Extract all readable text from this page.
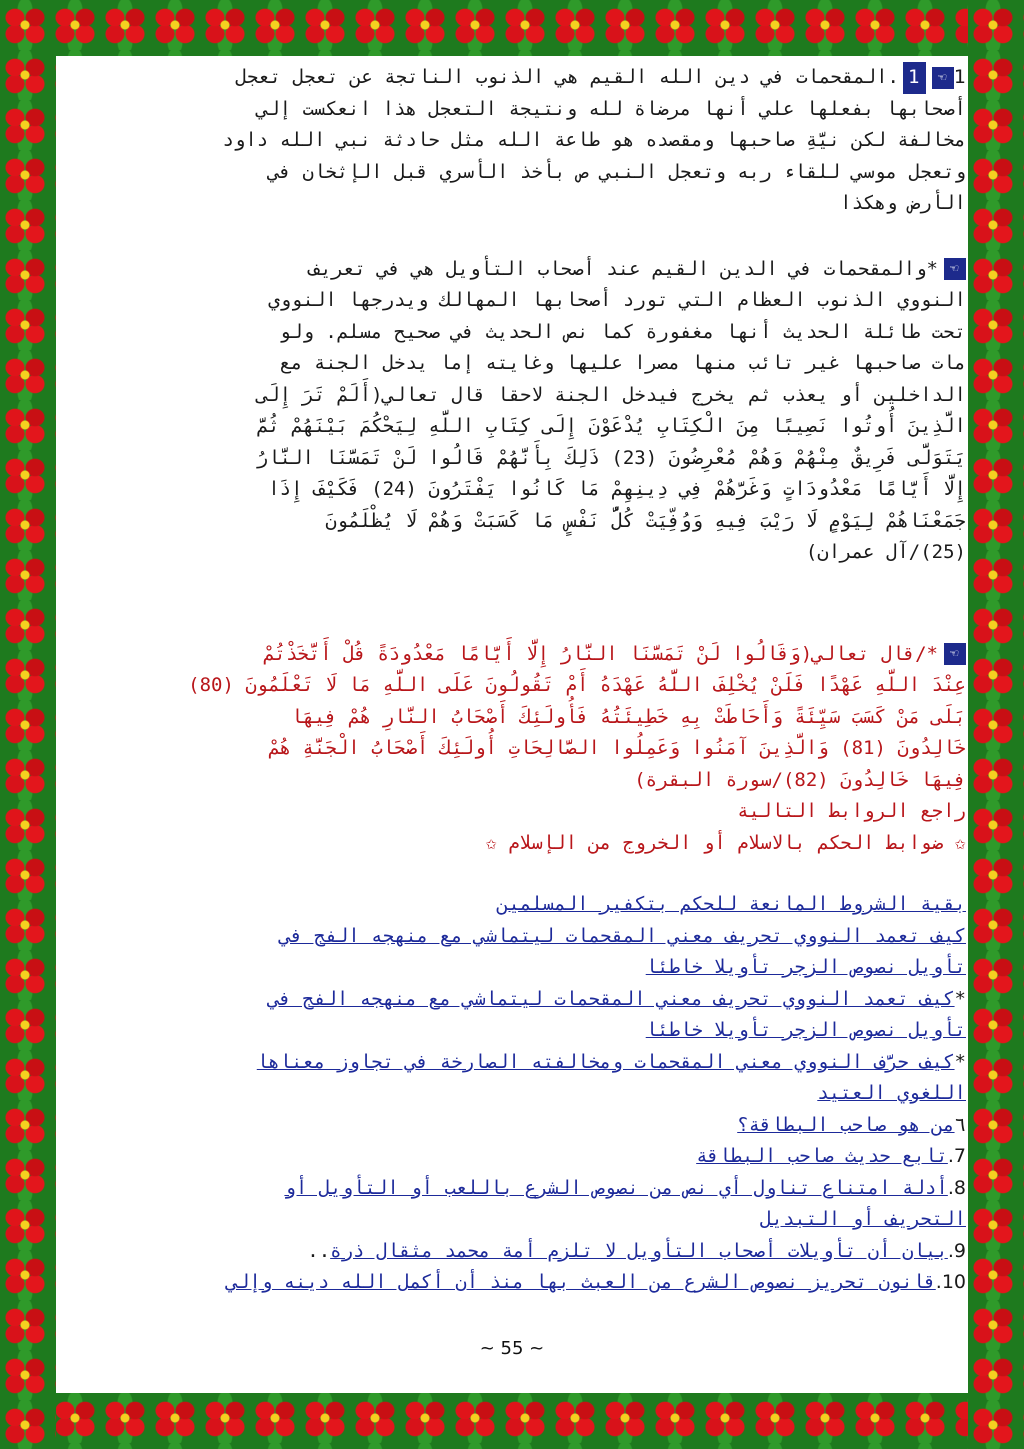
1☜1.المقحمات في دين الله القيم هي الذنوب الناتجة عن تعجل تعجل

أصحابها بفعلها علي أنها مرضاة لله ونتيجة التعجل هذا انعكست إلي

مخالفة لكن نيَّةِ صاحبها ومقصده هو طاعة الله مثل حادثة نبي الله داود

وتعجل موسي للقاء ربه وتعجل النبي ص بأخذ الأسري قبل الإثخان في

الأرض وهكذا

☜*والمقحمات في الدين القيم عند أصحاب التأويل هي في تعريف

النووي الذنوب العظام التي تورد أصحابها المهالك ويدرجها النووي

تحت طائلة الحديث أنها مغفورة كما نص الحديث في صحيح مسلم. ولو

مات صاحبها غير تائب منها مصرا عليها وغايته إما يدخل الجنة مع

الداخلين أو يعذب ثم يخرج فيدخل الجنة لاحقا قال تعالي(أَلَمْ تَرَ إِلَى

الَّذِينَ أُوتُوا نَصِيبًا مِنَ الْكِتَابِ يُدْعَوْنَ إِلَى كِتَابِ اللَّهِ لِيَحْكُمَ بَيْنَهُمْ ثُمَّ

يَتَوَلَّى فَرِيقٌ مِنْهُمْ وَهُمْ مُعْرِضُونَ (23) ذَلِكَ بِأَنَّهُمْ قَالُوا لَنْ تَمَسَّنَا النَّارُ

إِلَّا أَيَّامًا مَعْدُودَاتٍ وَغَرَّهُمْ فِي دِينِهِمْ مَا كَانُوا يَفْتَرُونَ (24) فَكَيْفَ إِذَا

جَمَعْنَاهُمْ لِيَوْمٍ لَا رَيْبَ فِيهِ وَوُفِّيَتْ كُلُّ نَفْسٍ مَا كَسَبَتْ وَهُمْ لَا يُظْلَمُونَ

(25)/آل عمران)

☜*/قال تعالي(وَقَالُوا لَنْ تَمَسَّنَا النَّارُ إِلَّا أَيَّامًا مَعْدُودَةً قُلْ أَتَّخَذْتُمْ

عِنْدَ اللَّهِ عَهْدًا فَلَنْ يُخْلِفَ اللَّهُ عَهْدَهُ أَمْ تَقُولُونَ عَلَى اللَّهِ مَا لَا تَعْلَمُونَ (80)

بَلَى مَنْ كَسَبَ سَيِّئَةً وَأَحَاطَتْ بِهِ خَطِيئَتُهُ فَأُولَئِكَ أَصْحَابُ النَّارِ هُمْ فِيهَا

خَالِدُونَ (81) وَالَّذِينَ آمَنُوا وَعَمِلُوا الصَّالِحَاتِ أُولَئِكَ أَصْحَابُ الْجَنَّةِ هُمْ

فِيهَا خَالِدُونَ (82)/سورة البقرة)

راجع الروابط التالية

✩ ضوابط الحكم بالاسلام أو الخروج من الإسلام ✩

بقية الشروط المانعة للحكم بتكفير المسلمين

كيف تعمد النووي تحريف معني المقحمات ليتماشي مع منهجه الفج في

تأويل نصوص الزجر تأويلا خاطئا

*كيف تعمد النووي تحريف معني المقحمات ليتماشي مع منهجه الفج في

تأويل نصوص الزجر تأويلا خاطئا

*كيف حرَّف النووي معني المقحمات ومخالفته الصارخة في تجاوز معناها

اللغوي العتيد

٦من هو صاحب البطاقة؟

7.تابع حديث صاحب البطاقة

8.أدلة امتناع تناول أي نص من نصوص الشرع باللعب أو التأويل أو

التحريف أو التبديل

9.بيان أن تأويلات أصحاب التأويل لا تلزم أمة محمد مثقال ذرة..

10.قانون تحريز نصوص الشرع من العبث بها منذ أن أكمل الله دينه وإلي

~ 55 ~
